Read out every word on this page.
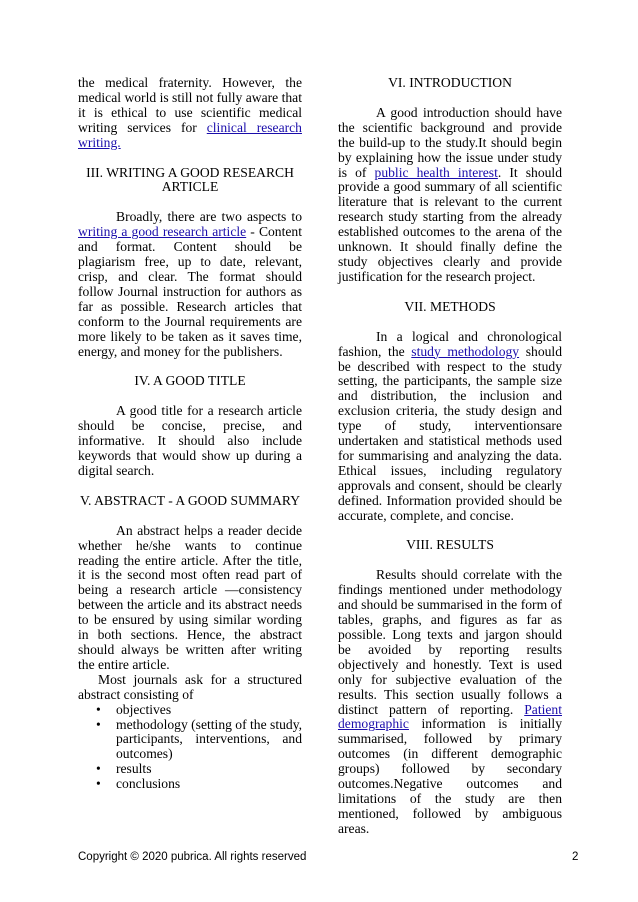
the medical fraternity. However, the medical world is still not fully aware that it is ethical to use scientific medical writing services for clinical research writing.

III. WRITING A GOOD RESEARCH ARTICLE

Broadly, there are two aspects to writing a good research article - Content and format. Content should be plagiarism free, up to date, relevant, crisp, and clear. The format should follow Journal instruction for authors as far as possible. Research articles that conform to the Journal requirements are more likely to be taken as it saves time, energy, and money for the publishers.

IV. A GOOD TITLE

A good title for a research article should be concise, precise, and informative. It should also include keywords that would show up during a digital search.

V. ABSTRACT - A GOOD SUMMARY

An abstract helps a reader decide whether he/she wants to continue reading the entire article. After the title, it is the second most often read part of being a research article —consistency between the article and its abstract needs to be ensured by using similar wording in both sections. Hence, the abstract should always be written after writing the entire article.

Most journals ask for a structured abstract consisting of

• objectives
• methodology (setting of the study, participants, interventions, and outcomes)
• results
• conclusions
VI. INTRODUCTION

A good introduction should have the scientific background and provide the build-up to the study.It should begin by explaining how the issue under study is of public health interest. It should provide a good summary of all scientific literature that is relevant to the current research study starting from the already established outcomes to the arena of the unknown. It should finally define the study objectives clearly and provide justification for the research project.

VII. METHODS

In a logical and chronological fashion, the study methodology should be described with respect to the study setting, the participants, the sample size and distribution, the inclusion and exclusion criteria, the study design and type of study, interventionsare undertaken and statistical methods used for summarising and analyzing the data. Ethical issues, including regulatory approvals and consent, should be clearly defined. Information provided should be accurate, complete, and concise.

VIII. RESULTS

Results should correlate with the findings mentioned under methodology and should be summarised in the form of tables, graphs, and figures as far as possible. Long texts and jargon should be avoided by reporting results objectively and honestly. Text is used only for subjective evaluation of the results. This section usually follows a distinct pattern of reporting. Patient demographic information is initially summarised, followed by primary outcomes (in different demographic groups) followed by secondary outcomes.Negative outcomes and limitations of the study are then mentioned, followed by ambiguous areas.

Copyright © 2020 pubrica. All rights reserved	2
